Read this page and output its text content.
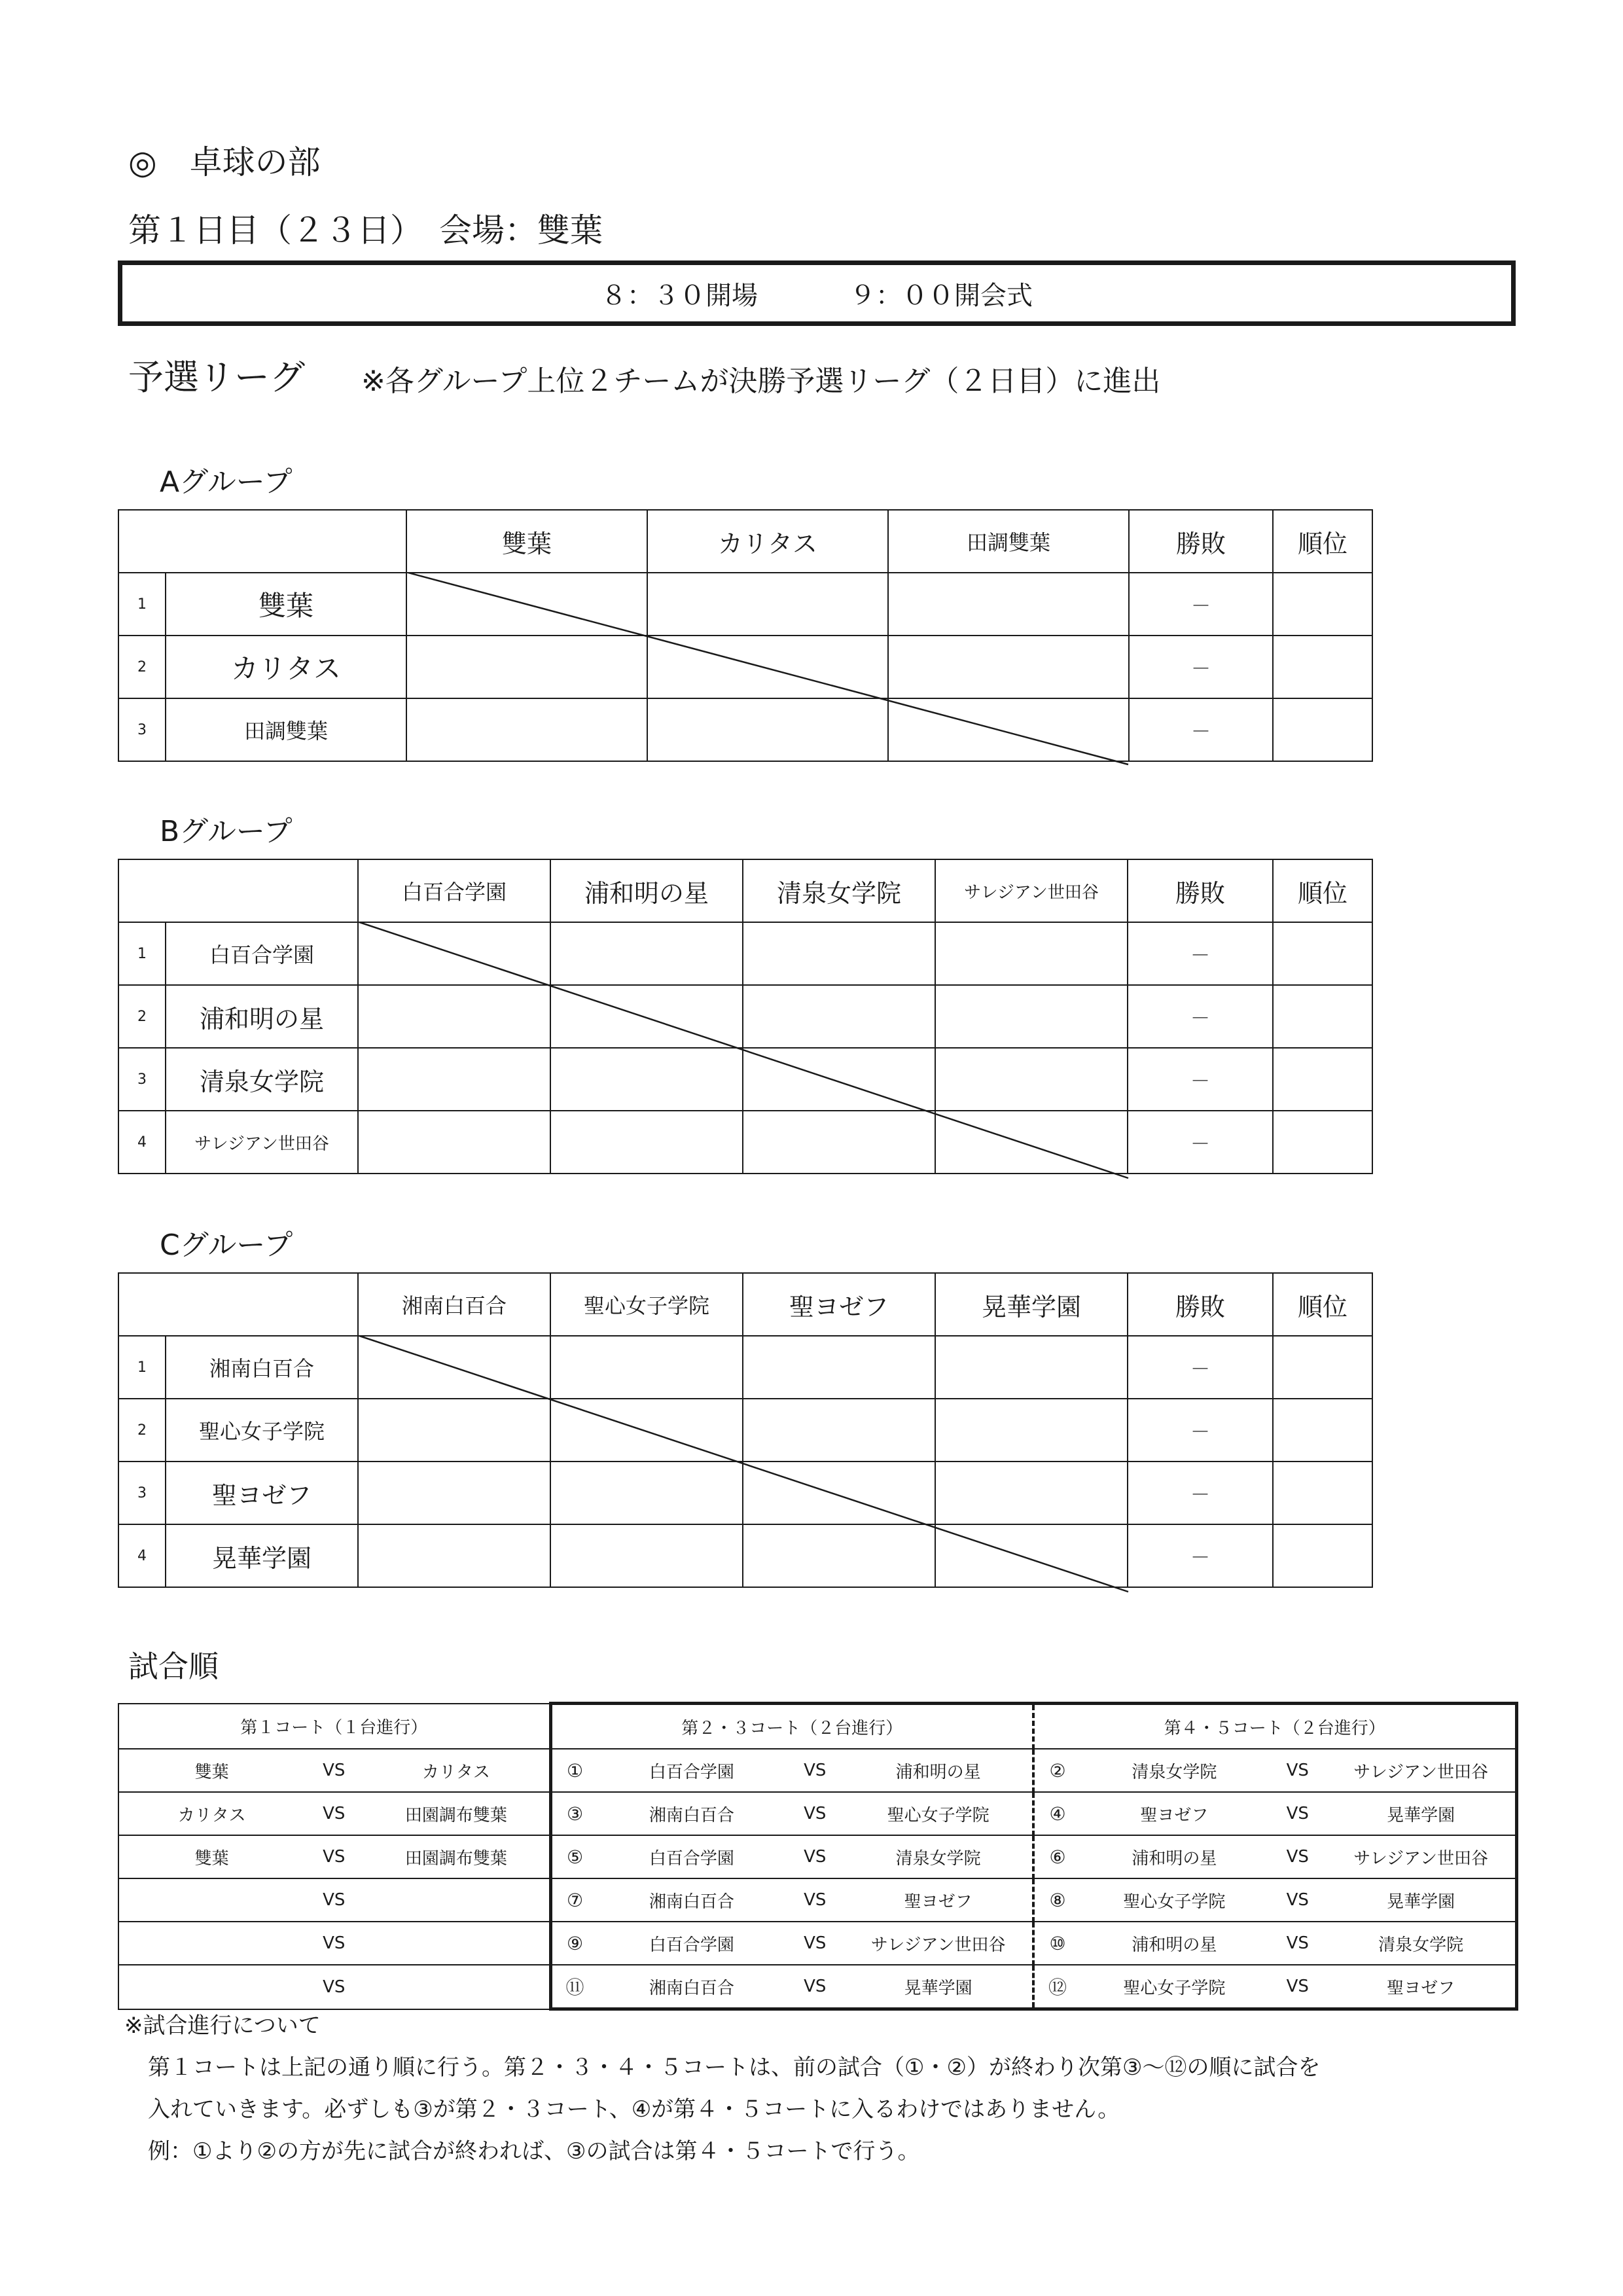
◎　卓球の部
第１日目（２３日）　会場：雙葉
８：３０開場	９：００開会式
予選リーグ ※各グループ上位２チームが決勝予選リーグ（２日目）に進出
Aグループ
		雙葉	カリタス	田調雙葉	勝敗	順位
1	雙葉				－	
2	カリタス				－	
3	田調雙葉				－	
Bグループ
		白百合学園	浦和明の星	清泉女学院	サレジアン世田谷	勝敗	順位
1	白百合学園					－	
2	浦和明の星					－	
3	清泉女学院					－	
4	サレジアン世田谷					－	
Cグループ
		湘南白百合	聖心女子学院	聖ヨゼフ	晃華学園	勝敗	順位
1	湘南白百合					－	
2	聖心女子学院					－	
3	聖ヨゼフ					－	
4	晃華学園					－	
試合順
第１コート（１台進行）	第２・３コート（２台進行）	第４・５コート（２台進行）

雙葉 VS カリタス	① 白百合学園 VS 浦和明の星	② 清泉女学院 VS サレジアン世田谷

カリタス VS 田園調布雙葉	③ 湘南白百合 VS 聖心女子学院	④ 聖ヨゼフ VS 晃華学園

雙葉 VS 田園調布雙葉	⑤ 白百合学園 VS 清泉女学院	⑥ 浦和明の星 VS サレジアン世田谷

VS	⑦ 湘南白百合 VS 聖ヨゼフ	⑧ 聖心女子学院 VS 晃華学園

VS	⑨ 白百合学園 VS サレジアン世田谷	⑩ 浦和明の星 VS 清泉女学院

VS	⑪ 湘南白百合 VS 晃華学園	⑫ 聖心女子学院 VS 聖ヨゼフ
※試合進行について
第１コートは上記の通り順に行う。第２・３・４・５コートは、前の試合（①・②）が終わり次第③～⑫の順に試合を
入れていきます。必ずしも③が第２・３コート、④が第４・５コートに入るわけではありません。
例：①より②の方が先に試合が終われば、③の試合は第４・５コートで行う。
